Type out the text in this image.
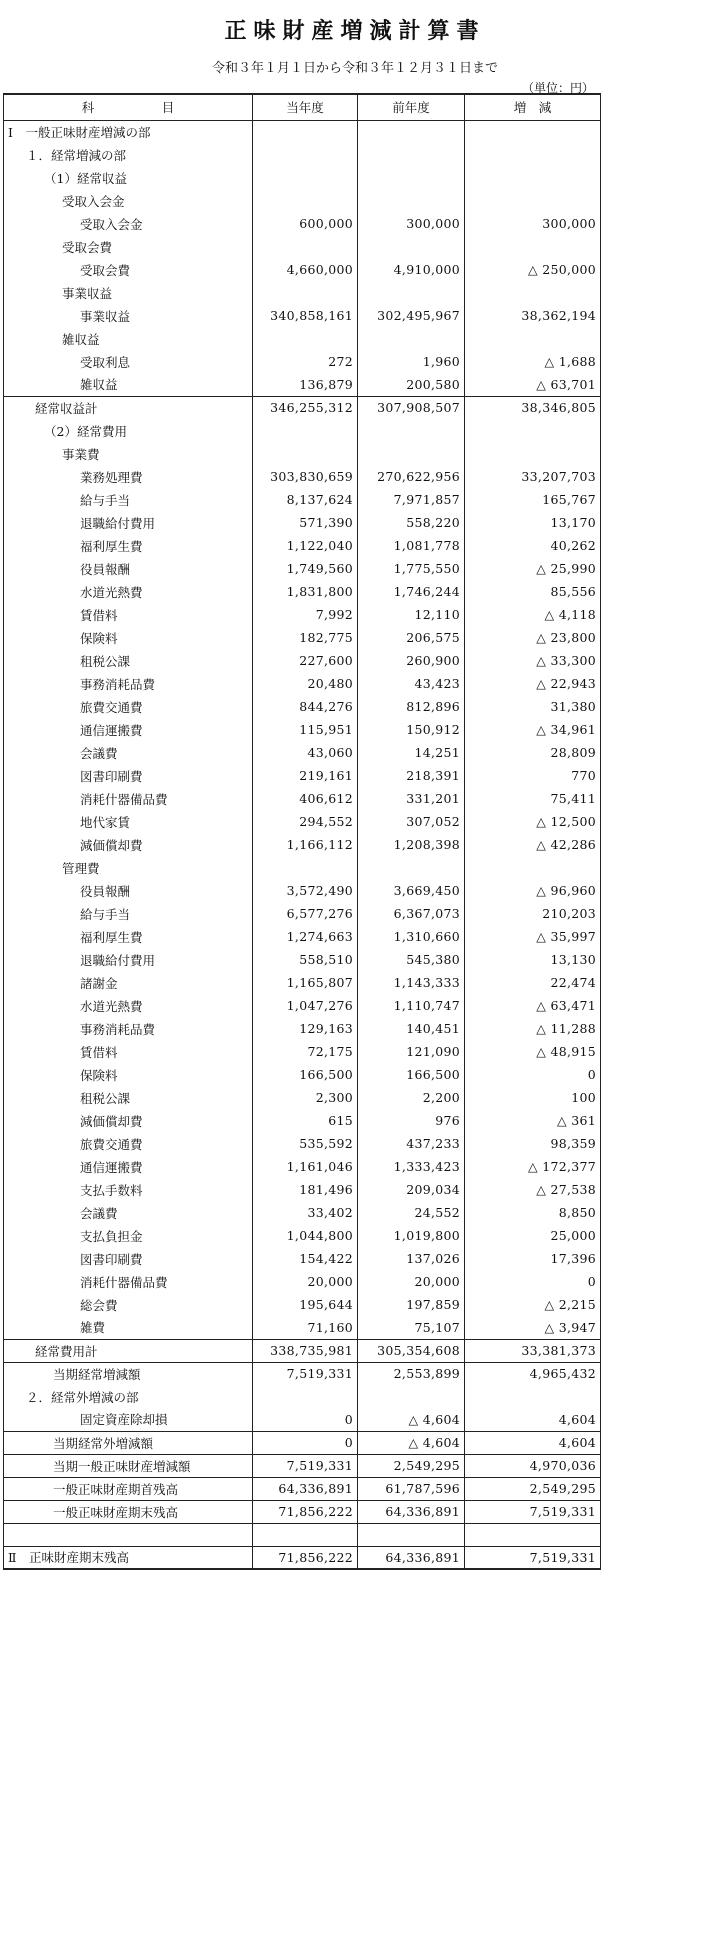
正味財産増減計算書
令和３年１月１日から令和３年１２月３１日まで
（単位：円）
科 目	当年度	前年度	増　減
Ⅰ　一般正味財産増減の部			
１．経常増減の部			
（1）経常収益			
受取入会金			
受取入会金	600,000	300,000	300,000
受取会費			
受取会費	4,660,000	4,910,000	△ 250,000
事業収益			
事業収益	340,858,161	302,495,967	38,362,194
雑収益			
受取利息	272	1,960	△ 1,688
雑収益	136,879	200,580	△ 63,701
経常収益計	346,255,312	307,908,507	38,346,805
（2）経常費用			
事業費			
業務処理費	303,830,659	270,622,956	33,207,703
給与手当	8,137,624	7,971,857	165,767
退職給付費用	571,390	558,220	13,170
福利厚生費	1,122,040	1,081,778	40,262
役員報酬	1,749,560	1,775,550	△ 25,990
水道光熱費	1,831,800	1,746,244	85,556
賃借料	7,992	12,110	△ 4,118
保険料	182,775	206,575	△ 23,800
租税公課	227,600	260,900	△ 33,300
事務消耗品費	20,480	43,423	△ 22,943
旅費交通費	844,276	812,896	31,380
通信運搬費	115,951	150,912	△ 34,961
会議費	43,060	14,251	28,809
図書印刷費	219,161	218,391	770
消耗什器備品費	406,612	331,201	75,411
地代家賃	294,552	307,052	△ 12,500
減価償却費	1,166,112	1,208,398	△ 42,286
管理費			
役員報酬	3,572,490	3,669,450	△ 96,960
給与手当	6,577,276	6,367,073	210,203
福利厚生費	1,274,663	1,310,660	△ 35,997
退職給付費用	558,510	545,380	13,130
諸謝金	1,165,807	1,143,333	22,474
水道光熱費	1,047,276	1,110,747	△ 63,471
事務消耗品費	129,163	140,451	△ 11,288
賃借料	72,175	121,090	△ 48,915
保険料	166,500	166,500	0
租税公課	2,300	2,200	100
減価償却費	615	976	△ 361
旅費交通費	535,592	437,233	98,359
通信運搬費	1,161,046	1,333,423	△ 172,377
支払手数料	181,496	209,034	△ 27,538
会議費	33,402	24,552	8,850
支払負担金	1,044,800	1,019,800	25,000
図書印刷費	154,422	137,026	17,396
消耗什器備品費	20,000	20,000	0
総会費	195,644	197,859	△ 2,215
雑費	71,160	75,107	△ 3,947
経常費用計	338,735,981	305,354,608	33,381,373
当期経常増減額	7,519,331	2,553,899	4,965,432
２．経常外増減の部			
固定資産除却損	0	△ 4,604	4,604
当期経常外増減額	0	△ 4,604	4,604
当期一般正味財産増減額	7,519,331	2,549,295	4,970,036
一般正味財産期首残高	64,336,891	61,787,596	2,549,295
一般正味財産期末残高	71,856,222	64,336,891	7,519,331

Ⅱ　正味財産期末残高	71,856,222	64,336,891	7,519,331
